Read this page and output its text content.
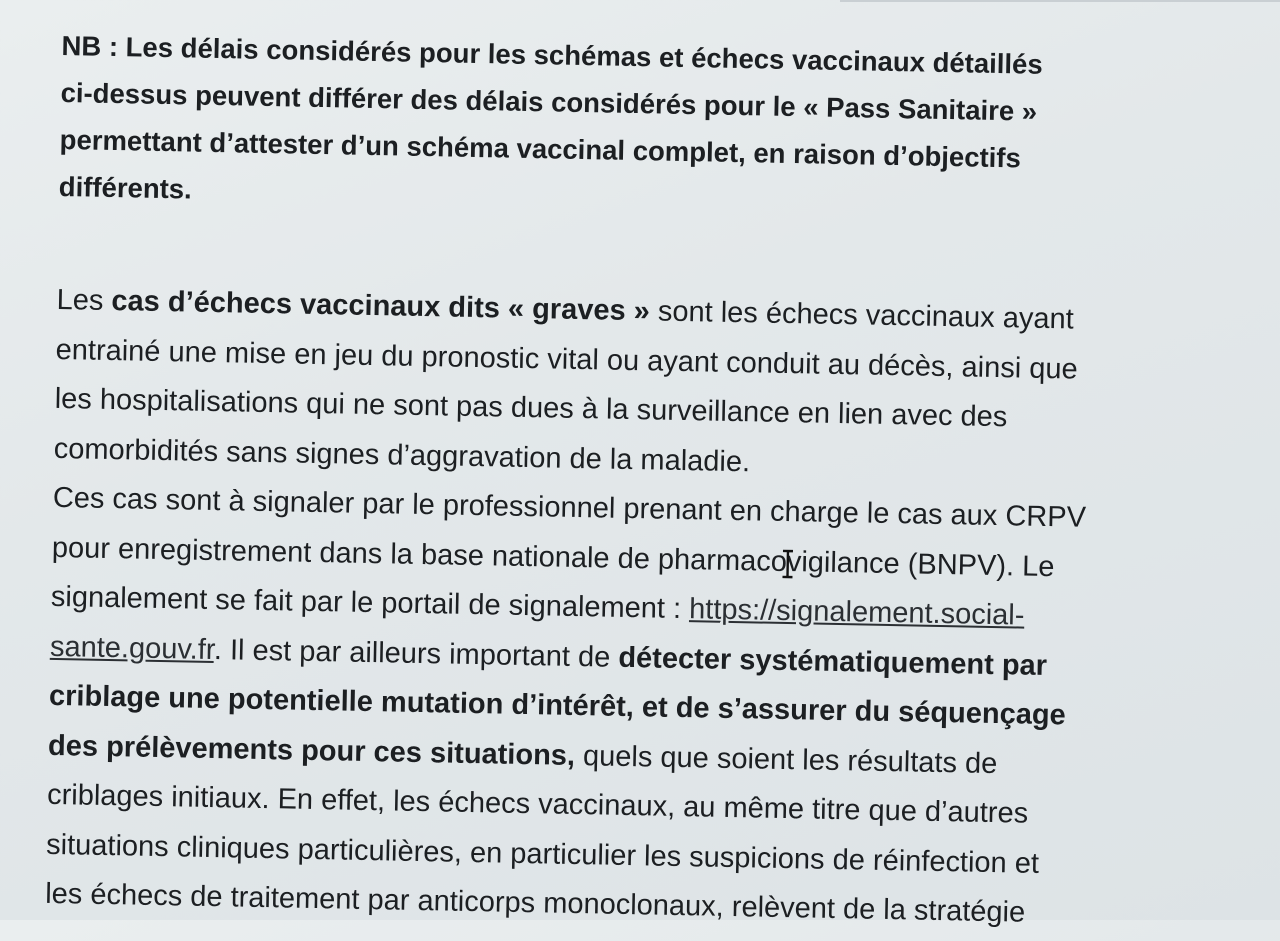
NB : Les délais considérés pour les schémas et échecs vaccinaux détaillés
ci-dessus peuvent différer des délais considérés pour le « Pass Sanitaire »
permettant d’attester d’un schéma vaccinal complet, en raison d’objectifs
différents.

Les cas d’échecs vaccinaux dits « graves » sont les échecs vaccinaux ayant
entrainé une mise en jeu du pronostic vital ou ayant conduit au décès, ainsi que
les hospitalisations qui ne sont pas dues à la surveillance en lien avec des
comorbidités sans signes d’aggravation de la maladie.
Ces cas sont à signaler par le professionnel prenant en charge le cas aux CRPV
pour enregistrement dans la base nationale de pharmaco
vigilance (BNPV). Le
signalement se fait par le portail de signalement : https://signalement.social-
sante.gouv.fr. Il est par ailleurs important de détecter systématiquement par
criblage une potentielle mutation d’intérêt, et de s’assurer du séquençage
des prélèvements pour ces situations, quels que soient les résultats de
criblages initiaux. En effet, les échecs vaccinaux, au même titre que d’autres
situations cliniques particulières, en particulier les suspicions de réinfection et
les échecs de traitement par anticorps monoclonaux, relèvent de la stratégie
